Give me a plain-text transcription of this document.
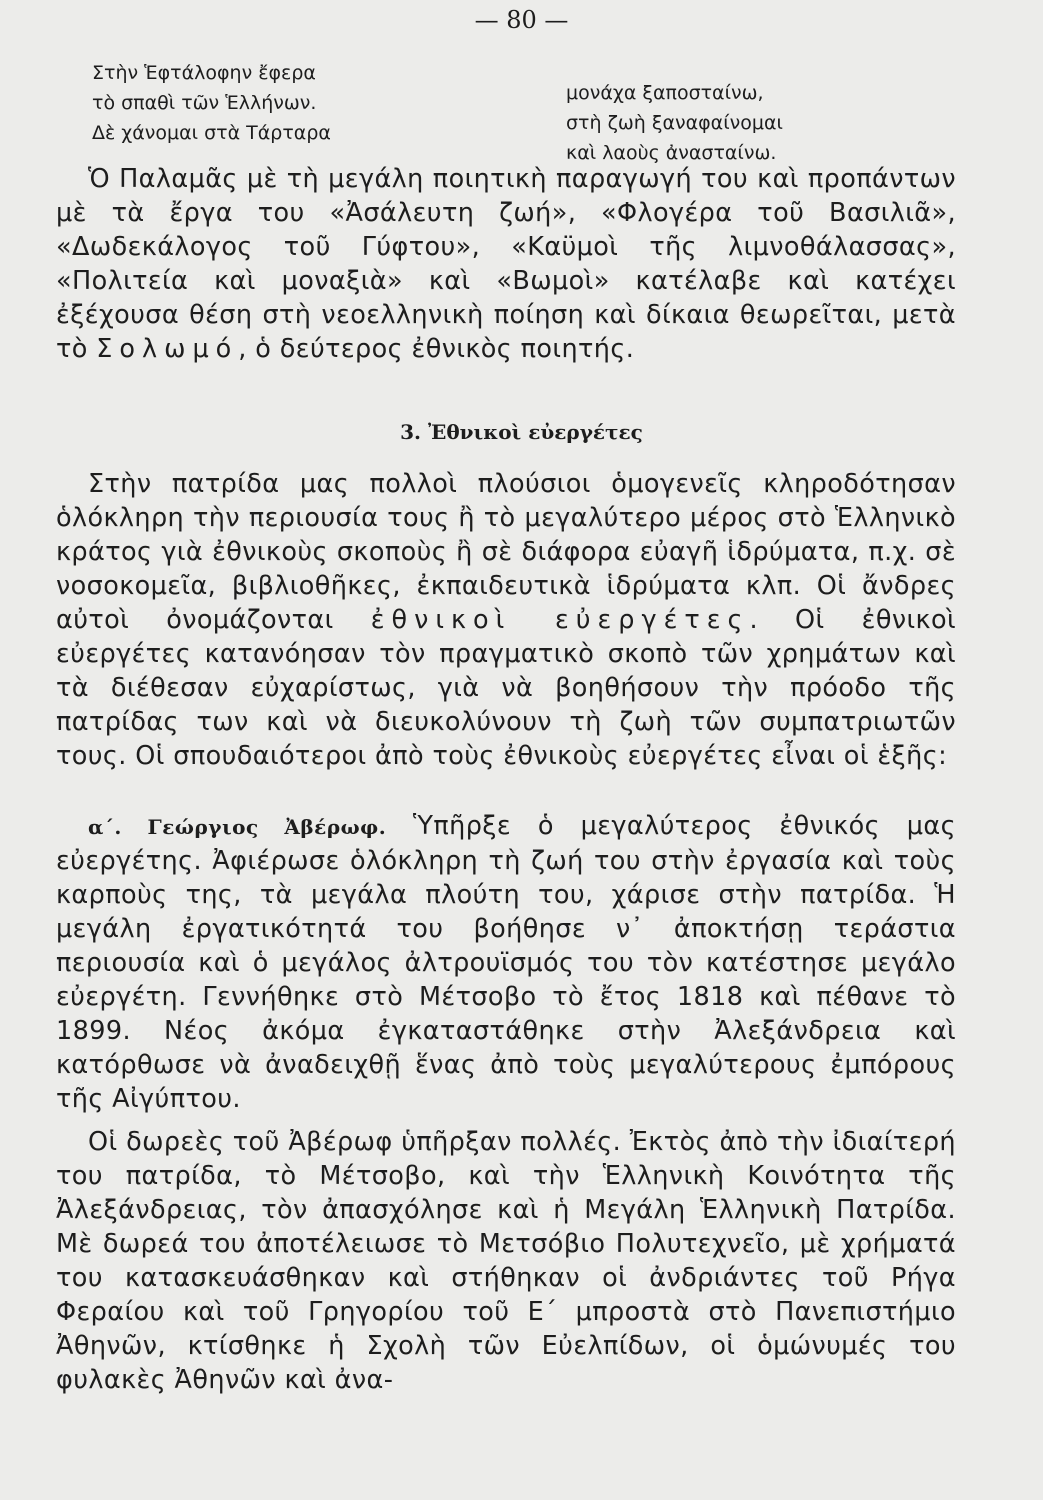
— 80 —
Στὴν Ἑφτάλοφην ἔφερα
τὸ σπαθὶ τῶν Ἑλλήνων.
Δὲ χάνομαι στὰ Τάρταρα
μονάχα ξαποσταίνω,
στὴ ζωὴ ξαναφαίνομαι
καὶ λαοὺς ἀνασταίνω.
Ὁ Παλαμᾶς μὲ τὴ μεγάλη ποιητικὴ παραγωγή του καὶ προπάντων μὲ τὰ ἔργα του «Ἀσάλευτη ζωή», «Φλογέρα τοῦ Βασιλιᾶ», «Δωδεκάλογος τοῦ Γύφτου», «Καϋμοὶ τῆς λιμνοθάλασσας», «Πολιτεία καὶ μοναξιὰ» καὶ «Βωμοὶ» κατέλαβε καὶ κατέχει ἐξέχουσα θέση στὴ νεοελληνικὴ ποίηση καὶ δίκαια θεωρεῖται, μετὰ τὸ Σολωμό, ὁ δεύτερος ἐθνικὸς ποιητής.
3. Ἐθνικοὶ εὐεργέτες
Στὴν πατρίδα μας πολλοὶ πλούσιοι ὁμογενεῖς κληροδότησαν ὁλόκληρη τὴν περιουσία τους ἢ τὸ μεγαλύτερο μέρος στὸ Ἑλληνικὸ κράτος γιὰ ἐθνικοὺς σκοποὺς ἢ σὲ διάφορα εὐαγῆ ἱδρύματα, π.χ. σὲ νοσοκομεῖα, βιβλιοθῆκες, ἐκπαιδευτικὰ ἱδρύματα κλπ. Οἱ ἄνδρες αὐτοὶ ὀνομάζονται ἐθνικοὶ εὐεργέτες. Οἱ ἐθνικοὶ εὐεργέτες κατανόησαν τὸν πραγματικὸ σκοπὸ τῶν χρημάτων καὶ τὰ διέθεσαν εὐχαρίστως, γιὰ νὰ βοηθήσουν τὴν πρόοδο τῆς πατρίδας των καὶ νὰ διευκολύνουν τὴ ζωὴ τῶν συμπατριωτῶν τους. Οἱ σπουδαιότεροι ἀπὸ τοὺς ἐθνικοὺς εὐεργέτες εἶναι οἱ ἑξῆς:
α΄. Γεώργιος Ἀβέρωφ. Ὑπῆρξε ὁ μεγαλύτερος ἐθνικός μας εὐεργέτης. Ἀφιέρωσε ὁλόκληρη τὴ ζωή του στὴν ἐργασία καὶ τοὺς καρποὺς της, τὰ μεγάλα πλούτη του, χάρισε στὴν πατρίδα. Ἡ μεγάλη ἐργατικότητά του βοήθησε ν᾽ ἀποκτήσῃ τεράστια περιουσία καὶ ὁ μεγάλος ἀλτρουϊσμός του τὸν κατέστησε μεγάλο εὐεργέτη. Γεννήθηκε στὸ Μέτσοβο τὸ ἔτος 1818 καὶ πέθανε τὸ 1899. Νέος ἀκόμα ἐγκαταστάθηκε στὴν Ἀλεξάνδρεια καὶ κατόρθωσε νὰ ἀναδειχθῇ ἕνας ἀπὸ τοὺς μεγαλύτερους ἐμπόρους τῆς Αἰγύπτου.
Οἱ δωρεὲς τοῦ Ἀβέρωφ ὑπῆρξαν πολλές. Ἐκτὸς ἀπὸ τὴν ἰδιαίτερή του πατρίδα, τὸ Μέτσοβο, καὶ τὴν Ἑλληνικὴ Κοινότητα τῆς Ἀλεξάνδρειας, τὸν ἀπασχόλησε καὶ ἡ Μεγάλη Ἑλληνικὴ Πατρίδα. Μὲ δωρεά του ἀποτέλειωσε τὸ Μετσόβιο Πολυτεχνεῖο, μὲ χρήματά του κατασκευάσθηκαν καὶ στήθηκαν οἱ ἀνδριάντες τοῦ Ρήγα Φεραίου καὶ τοῦ Γρηγορίου τοῦ Ε΄ μπροστὰ στὸ Πανεπιστήμιο Ἀθηνῶν, κτίσθηκε ἡ Σχολὴ τῶν Εὐελπίδων, οἱ ὁμώνυμές του φυλακὲς Ἀθηνῶν καὶ ἀνα-
